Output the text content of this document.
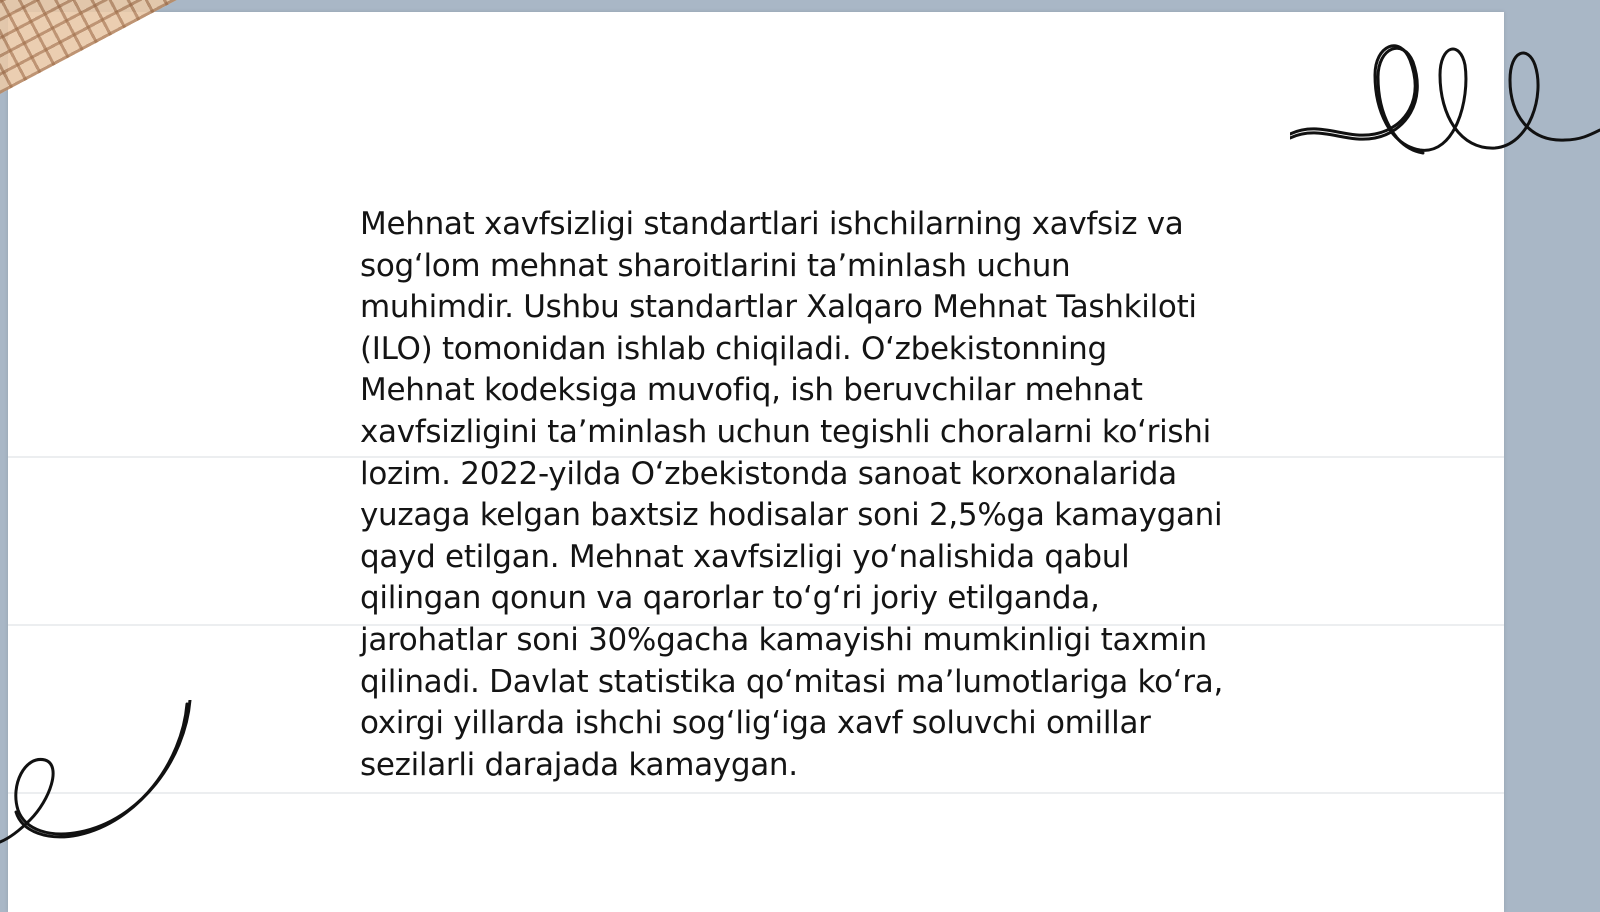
Mehnat xavfsizligi standartlari ishchilarning xavfsiz va sog‘lom mehnat sharoitlarini ta’minlash uchun muhimdir. Ushbu standartlar Xalqaro Mehnat Tashkiloti (ILO) tomonidan ishlab chiqiladi. O‘zbekistonning Mehnat kodeksiga muvofiq, ish beruvchilar mehnat xavfsizligini ta’minlash uchun tegishli choralarni ko‘rishi lozim. 2022-yilda O‘zbekistonda sanoat korxonalarida yuzaga kelgan baxtsiz hodisalar soni 2,5%ga kamaygani qayd etilgan. Mehnat xavfsizligi yo‘nalishida qabul qilingan qonun va qarorlar to‘g‘ri joriy etilganda, jarohatlar soni 30%gacha kamayishi mumkinligi taxmin qilinadi. Davlat statistika qo‘mitasi ma’lumotlariga ko‘ra, oxirgi yillarda ishchi sog‘lig‘iga xavf soluvchi omillar sezilarli darajada kamaygan.
